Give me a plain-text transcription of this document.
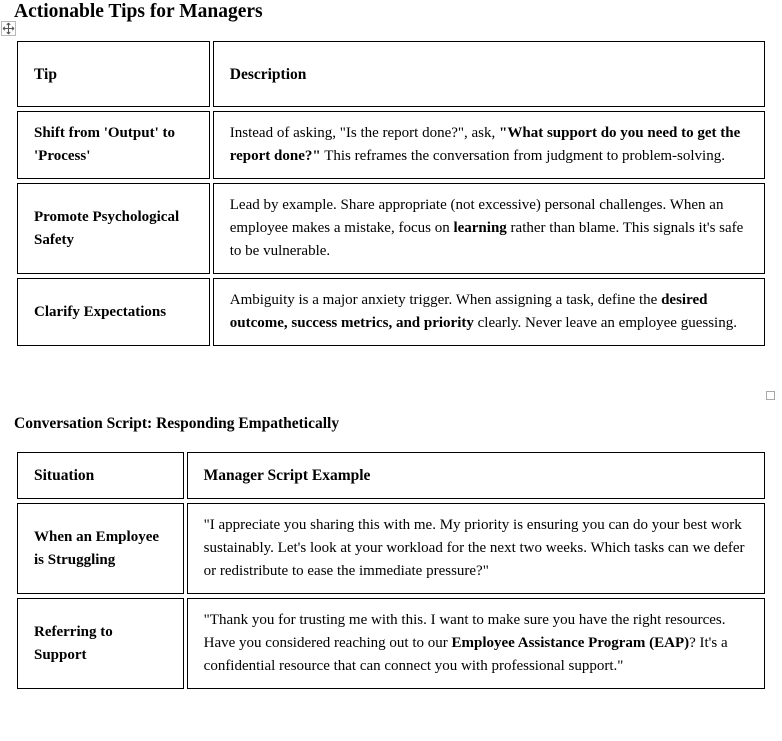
Actionable Tips for Managers
Tip	Description
Shift from 'Output' to 'Process'	Instead of asking, "Is the report done?", ask, "What support do you need to get the report done?" This reframes the conversation from judgment to problem-solving.
Promote Psychological Safety	Lead by example. Share appropriate (not excessive) personal challenges. When an employee makes a mistake, focus on learning rather than blame. This signals it's safe to be vulnerable.
Clarify Expectations	Ambiguity is a major anxiety trigger. When assigning a task, define the desired outcome, success metrics, and priority clearly. Never leave an employee guessing.
Conversation Script: Responding Empathetically
Situation	Manager Script Example
When an Employee is Struggling	"I appreciate you sharing this with me. My priority is ensuring you can do your best work sustainably. Let's look at your workload for the next two weeks. Which tasks can we defer or redistribute to ease the immediate pressure?"
Referring to Support	"Thank you for trusting me with this. I want to make sure you have the right resources. Have you considered reaching out to our Employee Assistance Program (EAP)? It's a confidential resource that can connect you with professional support."
